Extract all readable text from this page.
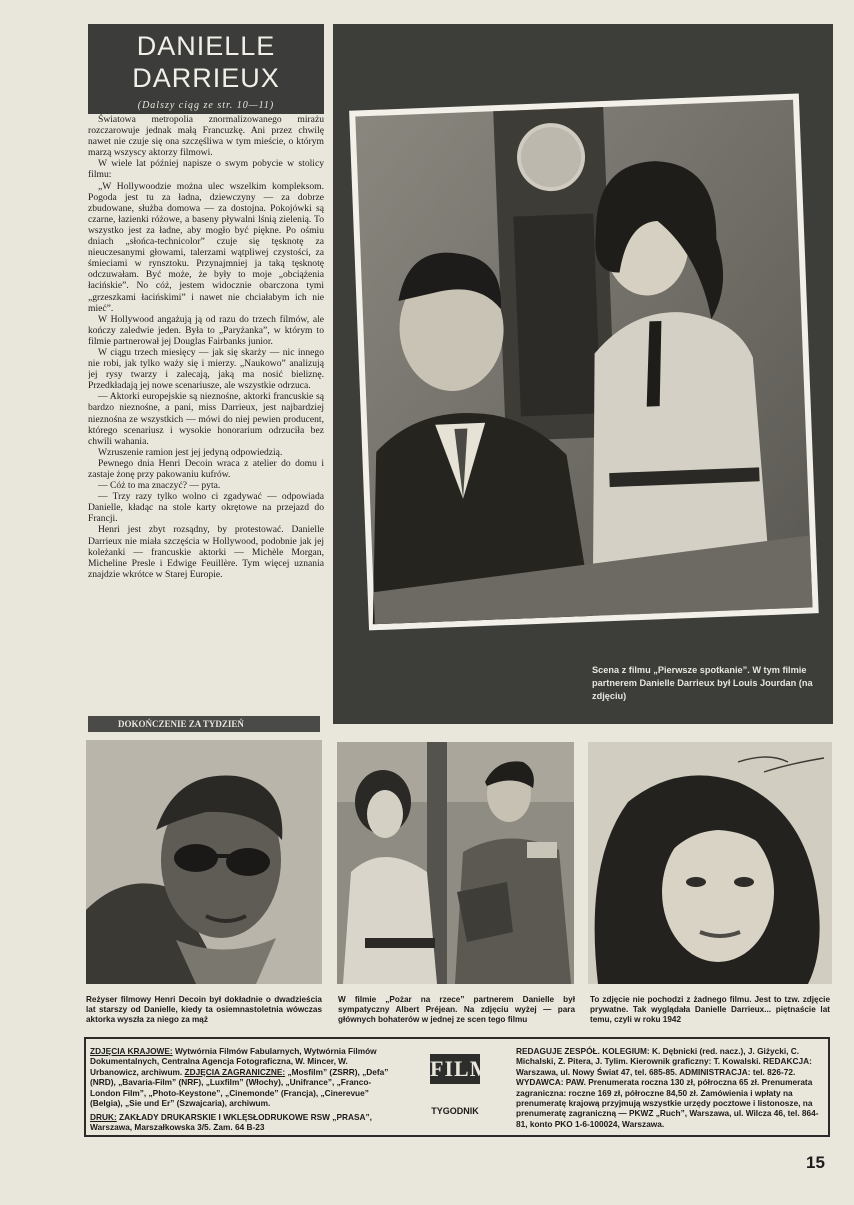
DANIELLE
DARRIEUX
(Dalszy ciąg ze str. 10—11)

Światowa metropolia znormalizowanego mirażu rozczarowuje jednak małą Francuzkę. Ani przez chwilę nawet nie czuje się ona szczęśliwa w tym mieście, o którym marzą wszyscy aktorzy filmowi.

W wiele lat później napisze o swym pobycie w stolicy filmu:

„W Hollywoodzie można ulec wszelkim kompleksom. Pogoda jest tu za ładna, dziewczyny — za dobrze zbudowane, służba domowa — za dostojna. Pokojówki są czarne, łazienki różowe, a baseny pływalni lśnią zielenią. To wszystko jest za ładne, aby mogło być piękne. Po ośmiu dniach „słońca-technicolor” czuje się tęsknotę za nieuczesanymi głowami, talerzami wątpliwej czystości, za śmieciami w rynsztoku. Przynajmniej ja taką tęsknotę odczuwałam. Być może, że były to moje „obciążenia łacińskie”. No cóż, jestem widocznie obarczona tymi „grzeszkami łacińskimi” i nawet nie chciałabym ich nie mieć”.

W Hollywood angażują ją od razu do trzech filmów, ale kończy zaledwie jeden. Była to „Paryżanka”, w którym to filmie partnerował jej Douglas Fairbanks junior.

W ciągu trzech miesięcy — jak się skarży — nic innego nie robi, jak tylko waży się i mierzy. „Naukowo” analizują jej rysy twarzy i zalecają, jaką ma nosić bieliznę. Przedkładają jej nowe scenariusze, ale wszystkie odrzuca.

— Aktorki europejskie są nieznośne, aktorki francuskie są bardzo nieznośne, a pani, miss Darrieux, jest najbardziej nieznośna ze wszystkich — mówi do niej pewien producent, którego scenariusz i wysokie honorarium odrzuciła bez chwili wahania.

Wzruszenie ramion jest jej jedyną odpowiedzią.

Pewnego dnia Henri Decoin wraca z atelier do domu i zastaje żonę przy pakowaniu kufrów.

— Cóż to ma znaczyć? — pyta.

— Trzy razy tylko wolno ci zgadywać — odpowiada Danielle, kładąc na stole karty okrętowe na przejazd do Francji.

Henri jest zbyt rozsądny, by protestować. Danielle Darrieux nie miała szczęścia w Hollywood, podobnie jak jej koleżanki — francuskie aktorki — Michèle Morgan, Micheline Presle i Edwige Feuillère. Tym więcej uznania znajdzie wkrótce w Starej Europie.

DOKOŃCZENIE ZA TYDZIEŃ
Scena z filmu „Pierwsze spotkanie”. W tym filmie partnerem Danielle Darrieux był Louis Jourdan (na zdjęciu)
Reżyser filmowy Henri Decoin był dokładnie o dwadzieścia lat starszy od Danielle, kiedy ta osiemnastoletnia wówczas aktorka wyszła za niego za mąż
W filmie „Pożar na rzece” partnerem Danielle był sympatyczny Albert Préjean. Na zdjęciu wyżej — para głównych bohaterów w jednej ze scen tego filmu
To zdjęcie nie pochodzi z żadnego filmu. Jest to tzw. zdjęcie prywatne. Tak wyglądała Danielle Darrieux... piętnaście lat temu, czyli w roku 1942
ZDJĘCIA KRAJOWE: Wytwórnia Filmów Fabularnych, Wytwórnia Filmów Dokumentalnych, Centralna Agencja Fotograficzna, W. Mincer, W. Urbanowicz, archiwum. ZDJĘCIA ZAGRANICZNE: „Mosfilm” (ZSRR), „Defa” (NRD), „Bavaria-Film” (NRF), „Luxfilm” (Włochy), „Unifrance”, „Franco-London Film”, „Photo-Keystone”, „Cinemonde” (Francja), „Cinerevue” (Belgia), „Sie und Er” (Szwajcaria), archiwum.
DRUK: ZAKŁADY DRUKARSKIE I WKLĘSŁODRUKOWE RSW „PRASA”, Warszawa, Marszałkowska 3/5. Zam. 64 B-23
FILM
TYGODNIK
REDAGUJE ZESPÓŁ. KOLEGIUM: K. Dębnicki (red. nacz.), J. Giżycki, C. Michalski, Z. Pitera, J. Tylim. Kierownik graficzny: T. Kowalski. REDAKCJA: Warszawa, ul. Nowy Świat 47, tel. 685-85. ADMINISTRACJA: tel. 826-72. WYDAWCA: PAW. Prenumerata roczna 130 zł, półroczna 65 zł. Prenumerata zagraniczna: roczne 169 zł, półroczne 84,50 zł. Zamówienia i wpłaty na prenumeratę krajową przyjmują wszystkie urzędy pocztowe i listonosze, na prenumeratę zagraniczną — PKWZ „Ruch”, Warszawa, ul. Wilcza 46, tel. 864-81, konto PKO 1-6-100024, Warszawa.
15
